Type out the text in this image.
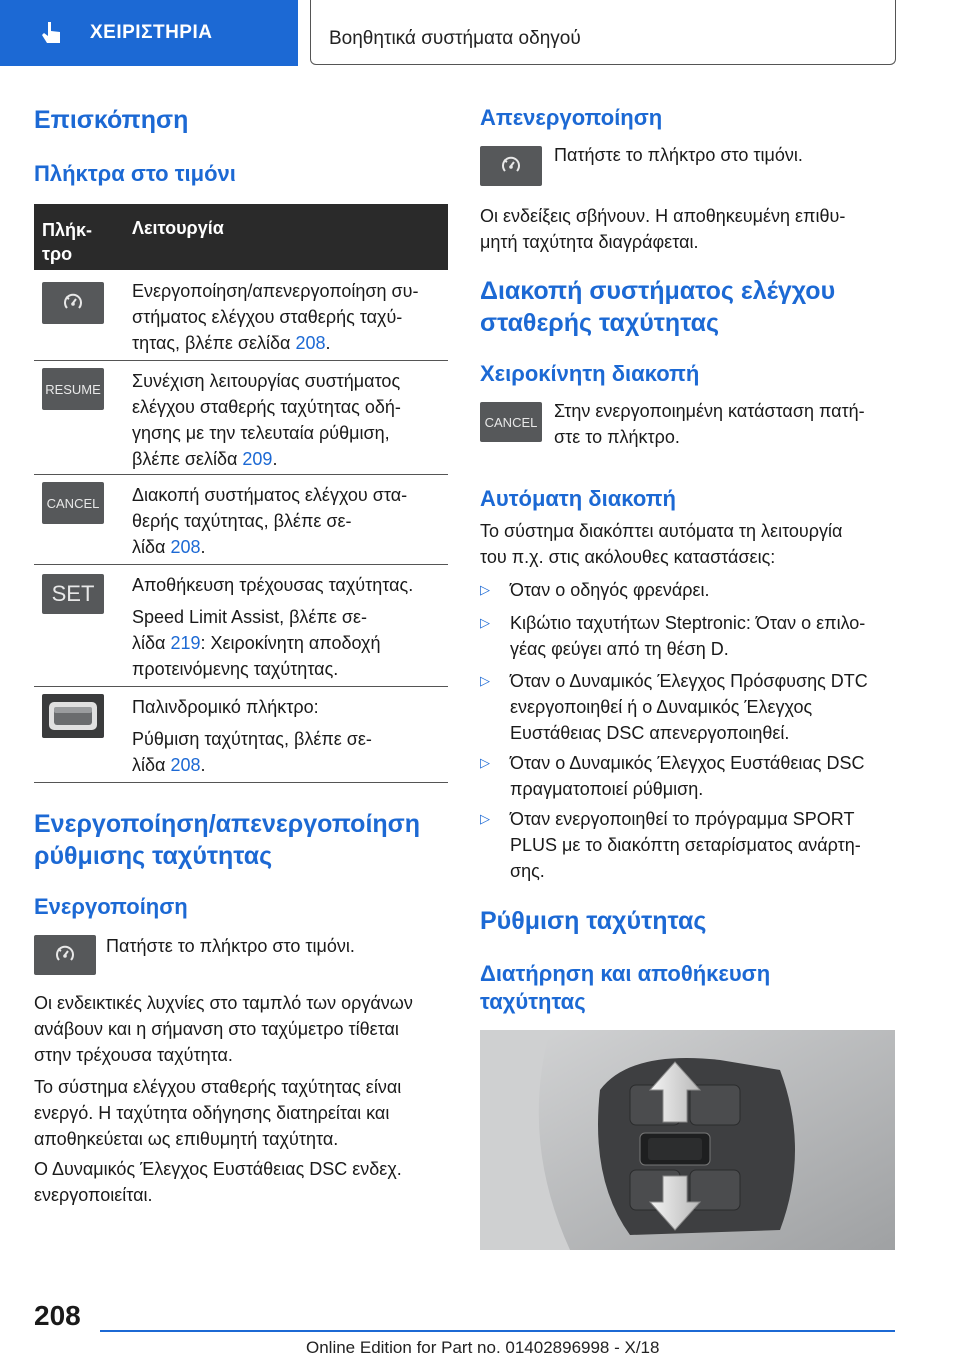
ΧΕΙΡΙΣΤΗΡΙΑ	Βοηθητικά συστήματα οδηγού
Επισκόπηση
Πλήκτρα στο τιμόνι
Πλήκ-
τρο
Λειτουργία
Ενεργοποίηση/απενεργοποίηση συ-
στήματος ελέγχου σταθερής ταχύ-
τητας, βλέπε σελίδα 208.
RESUME Συνέχιση λειτουργίας συστήματος
ελέγχου σταθερής ταχύτητας οδή-
γησης με την τελευταία ρύθμιση,
βλέπε σελίδα 209.
CANCEL Διακοπή συστήματος ελέγχου στα-
θερής ταχύτητας, βλέπε σε-
λίδα 208.
SET Αποθήκευση τρέχουσας ταχύτητας.
Speed Limit Assist, βλέπε σε-
λίδα 219: Χειροκίνητη αποδοχή
προτεινόμενης ταχύτητας.
Παλινδρομικό πλήκτρο:
Ρύθμιση ταχύτητας, βλέπε σε-
λίδα 208.
Ενεργοποίηση/απενεργοποίηση
ρύθμισης ταχύτητας
Ενεργοποίηση
Πατήστε το πλήκτρο στο τιμόνι.
Οι ενδεικτικές λυχνίες στο ταμπλό των οργάνων
ανάβουν και η σήμανση στο ταχύμετρο τίθεται
στην τρέχουσα ταχύτητα.
Το σύστημα ελέγχου σταθερής ταχύτητας είναι
ενεργό. Η ταχύτητα οδήγησης διατηρείται και
αποθηκεύεται ως επιθυμητή ταχύτητα.
Ο Δυναμικός Έλεγχος Ευστάθειας DSC ενδεχ.
ενεργοποιείται.
Απενεργοποίηση
Πατήστε το πλήκτρο στο τιμόνι.
Οι ενδείξεις σβήνουν. Η αποθηκευμένη επιθυ-
μητή ταχύτητα διαγράφεται.
Διακοπή συστήματος ελέγχου
σταθερής ταχύτητας
Χειροκίνητη διακοπή
CANCEL
Στην ενεργοποιημένη κατάσταση πατή-
στε το πλήκτρο.
Αυτόματη διακοπή
Το σύστημα διακόπτει αυτόματα τη λειτουργία
του π.χ. στις ακόλουθες καταστάσεις:
▷ Όταν ο οδηγός φρενάρει.
▷ Κιβώτιο ταχυτήτων Steptronic: Όταν ο επιλο-
γέας φεύγει από τη θέση D.
▷ Όταν ο Δυναμικός Έλεγχος Πρόσφυσης DTC
ενεργοποιηθεί ή ο Δυναμικός Έλεγχος
Ευστάθειας DSC απενεργοποιηθεί.
▷ Όταν ο Δυναμικός Έλεγχος Ευστάθειας DSC
πραγματοποιεί ρύθμιση.
▷ Όταν ενεργοποιηθεί το πρόγραμμα SPORT
PLUS με το διακόπτη σεταρίσματος ανάρτη-
σης.
Ρύθμιση ταχύτητας
Διατήρηση και αποθήκευση
ταχύτητας
208
Online Edition for Part no. 01402896998 - X/18
